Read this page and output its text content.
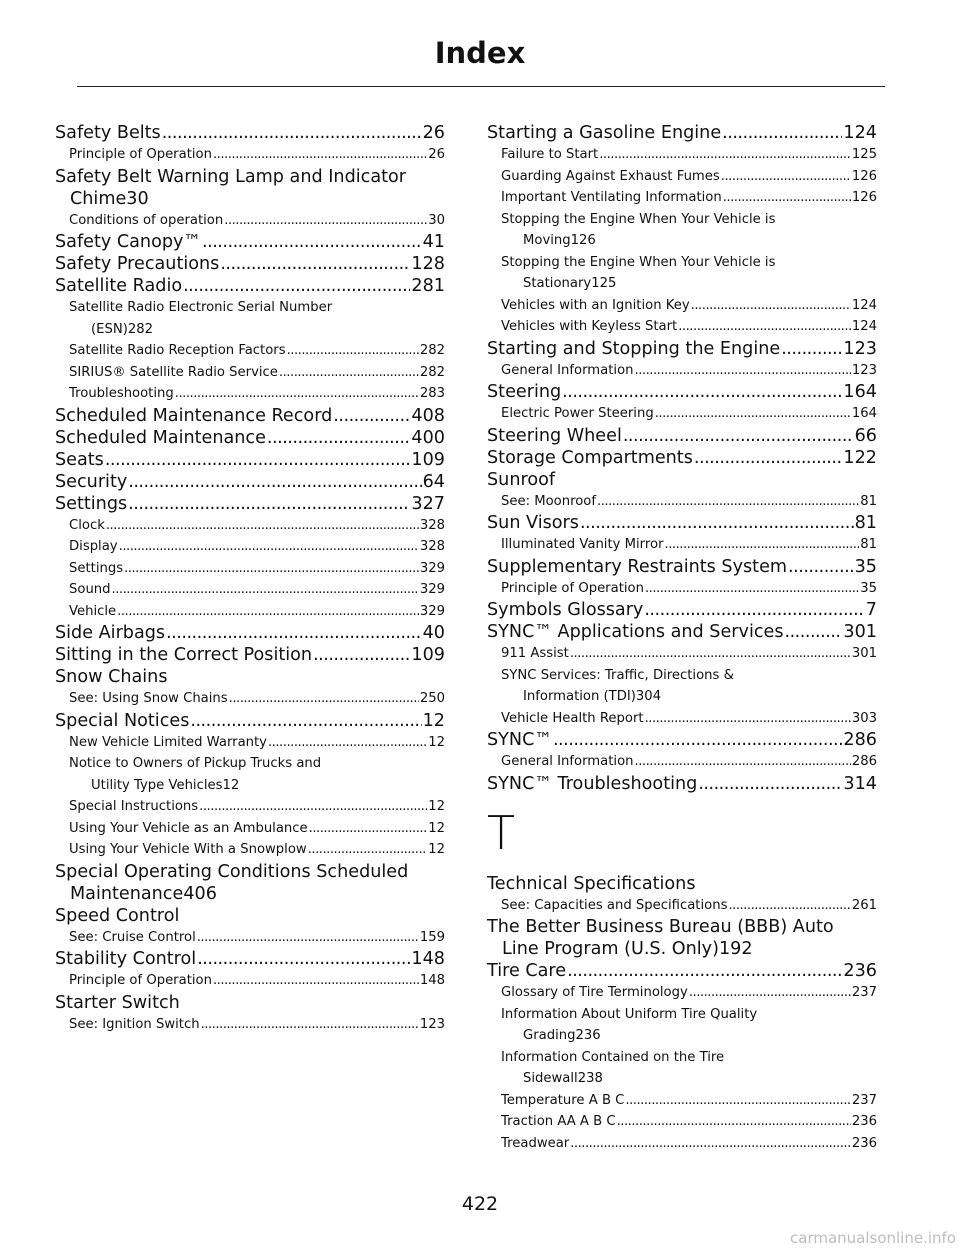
Index
Safety Belts .....	26
Principle of Operation .....	26
Safety Belt Warning Lamp and Indicator
Chime 30
Conditions of operation .....	30
Safety Canopy™ .....	41
Safety Precautions .....	128
Satellite Radio .....	281
Satellite Radio Electronic Serial Number
(ESN) 282
Satellite Radio Reception Factors .....	282
SIRIUS® Satellite Radio Service .....	282
Troubleshooting .....	283
Scheduled Maintenance Record .....	408
Scheduled Maintenance .....	400
Seats .....	109
Security .....	64
Settings .....	327
Clock .....	328
Display .....	328
Settings .....	329
Sound .....	329
Vehicle .....	329
Side Airbags .....	40
Sitting in the Correct Position .....	109
Snow Chains
See: Using Snow Chains .....	250
Special Notices .....	12
New Vehicle Limited Warranty .....	12
Notice to Owners of Pickup Trucks and
Utility Type Vehicles 12
Special Instructions .....	12
Using Your Vehicle as an Ambulance .....	12
Using Your Vehicle With a Snowplow .....	12
Special Operating Conditions Scheduled
Maintenance 406
Speed Control
See: Cruise Control .....	159
Stability Control .....	148
Principle of Operation .....	148
Starter Switch
See: Ignition Switch .....	123
Starting a Gasoline Engine .....	124
Failure to Start .....	125
Guarding Against Exhaust Fumes .....	126
Important Ventilating Information .....	126
Stopping the Engine When Your Vehicle is
Moving 126
Stopping the Engine When Your Vehicle is
Stationary 125
Vehicles with an Ignition Key .....	124
Vehicles with Keyless Start .....	124
Starting and Stopping the Engine .....	123
General Information .....	123
Steering .....	164
Electric Power Steering .....	164
Steering Wheel .....	66
Storage Compartments .....	122
Sunroof
See: Moonroof .....	81
Sun Visors .....	81
Illuminated Vanity Mirror .....	81
Supplementary Restraints System .....	35
Principle of Operation .....	35
Symbols Glossary .....	7
SYNC™ Applications and Services .....	301
911 Assist .....	301
SYNC Services: Traffic, Directions &
Information (TDI) 304
Vehicle Health Report .....	303
SYNC™ .....	286
General Information .....	286
SYNC™ Troubleshooting .....	314
T
Technical Specifications
See: Capacities and Specifications .....	261
The Better Business Bureau (BBB) Auto
Line Program (U.S. Only) 192
Tire Care .....	236
Glossary of Tire Terminology .....	237
Information About Uniform Tire Quality
Grading 236
Information Contained on the Tire
Sidewall 238
Temperature A B C .....	237
Traction AA A B C .....	236
Treadwear .....	236
422
carmanualsonline.info
